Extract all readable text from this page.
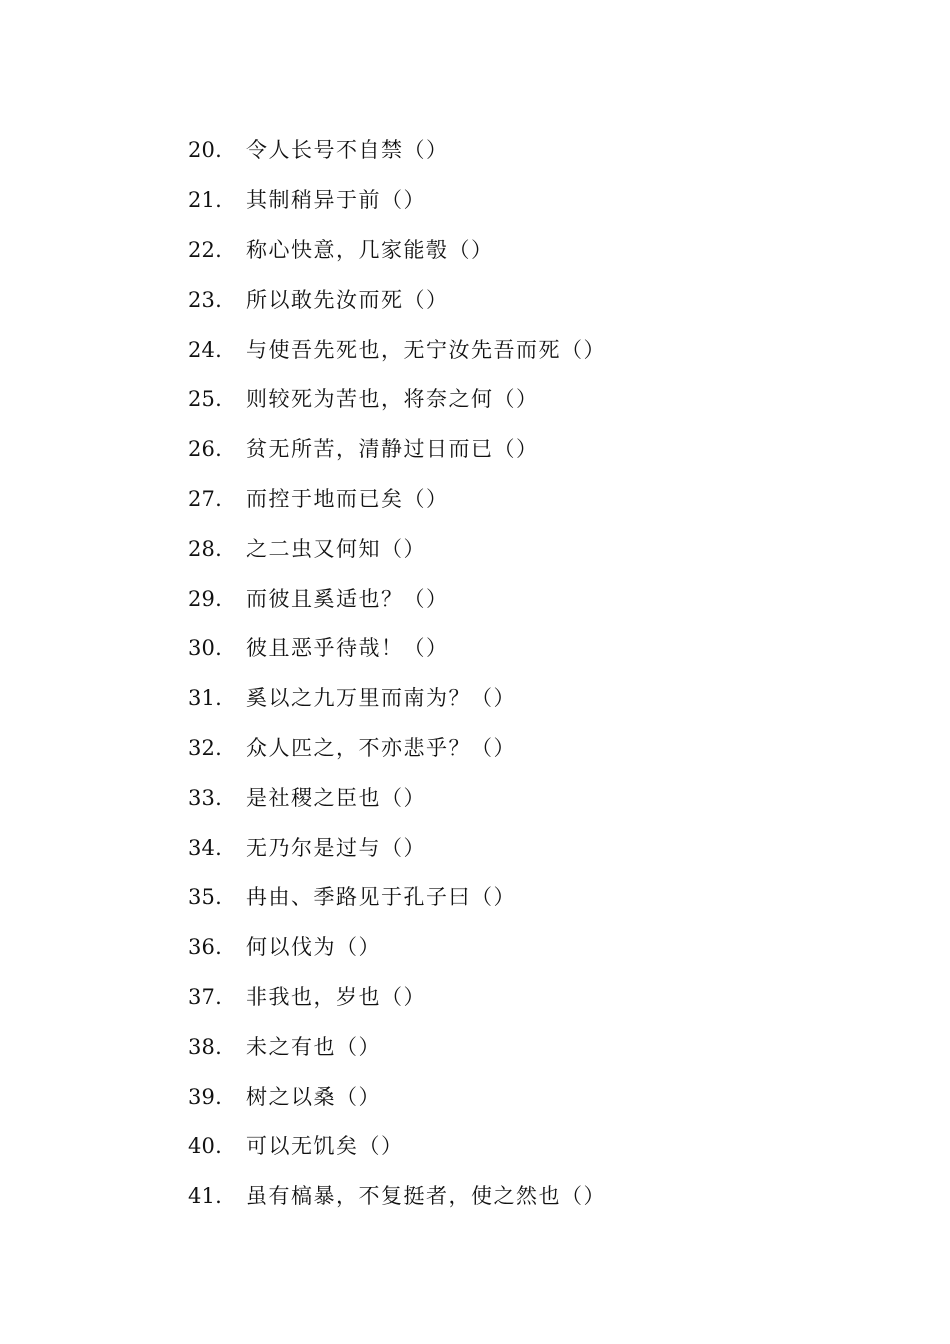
20.	令人长号不自禁（）
21.	其制稍异于前（）
22.	称心快意，几家能彀（）
23.	所以敢先汝而死（）
24.	与使吾先死也，无宁汝先吾而死（）
25.	则较死为苦也，将奈之何（）
26.	贫无所苦，清静过日而已（）
27.	而控于地而已矣（）
28.	之二虫又何知（）
29.	而彼且奚适也？（）
30.	彼且恶乎待哉！（）
31.	奚以之九万里而南为？（）
32.	众人匹之，不亦悲乎？（）
33.	是社稷之臣也（）
34.	无乃尔是过与（）
35.	冉由、季路见于孔子曰（）
36.	何以伐为（）
37.	非我也，岁也（）
38.	未之有也（）
39.	树之以桑（）
40.	可以无饥矣（）
41.	虽有槁暴，不复挺者，使之然也（）
